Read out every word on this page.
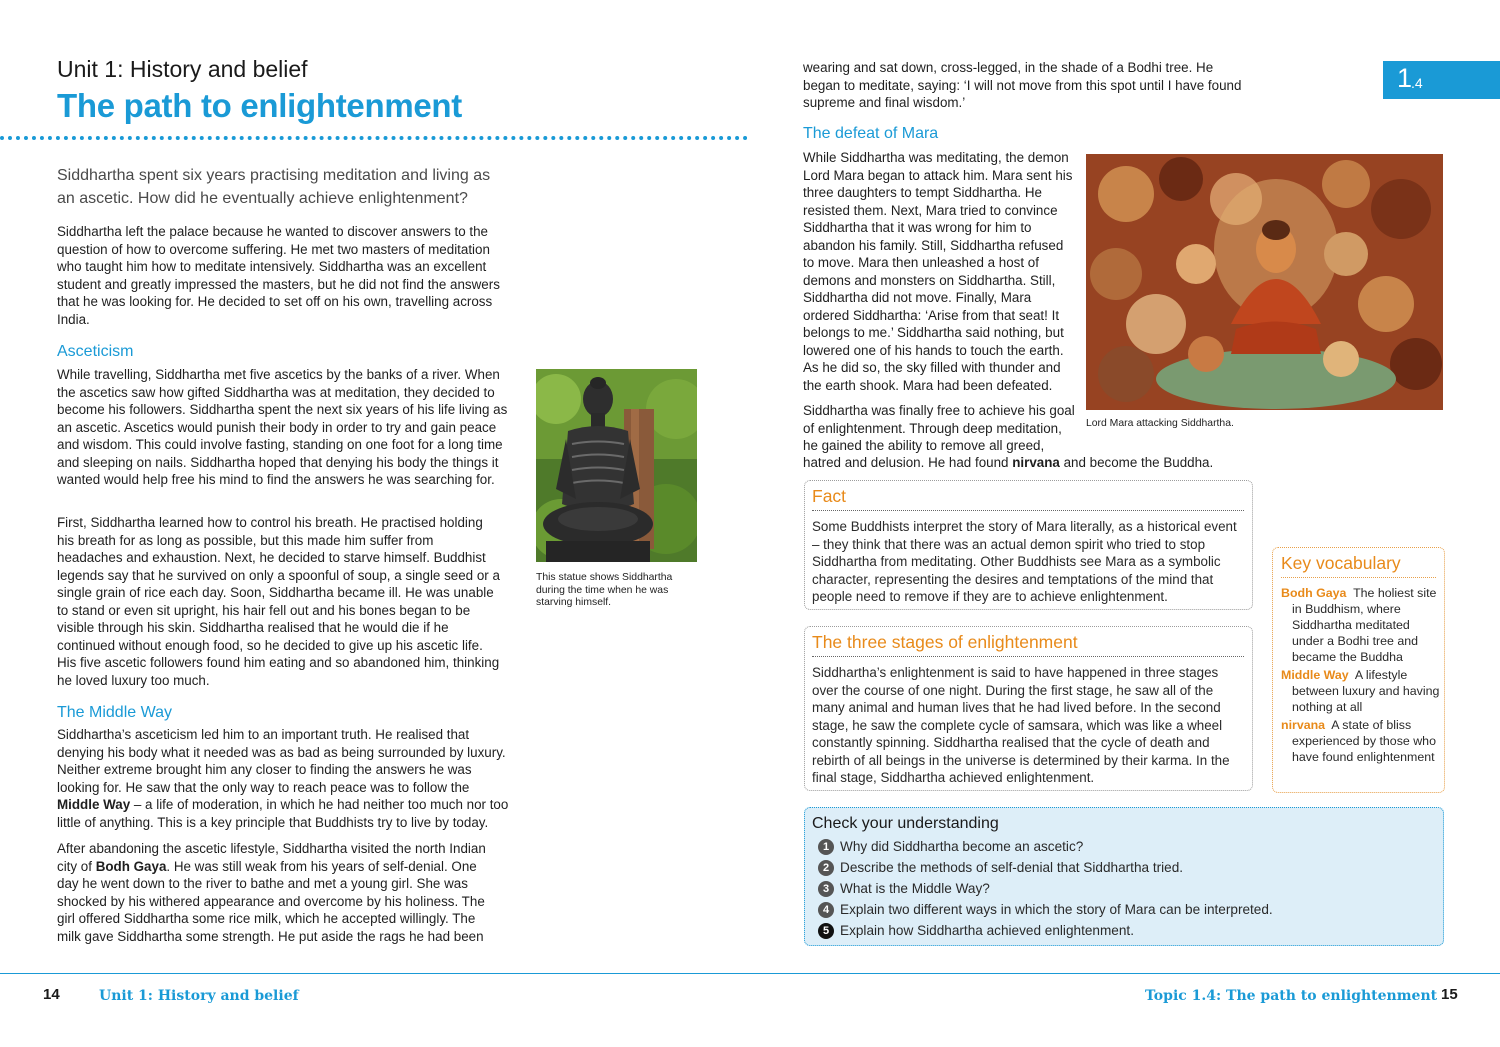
Unit 1: History and belief
The path to enlightenment

Siddhartha spent six years practising meditation and living as an ascetic. How did he eventually achieve enlightenment?

Siddhartha left the palace because he wanted to discover answers to the question of how to overcome suffering. He met two masters of meditation who taught him how to meditate intensively. Siddhartha was an excellent student and greatly impressed the masters, but he did not find the answers that he was looking for. He decided to set off on his own, travelling across India.

Asceticism

While travelling, Siddhartha met five ascetics by the banks of a river. When the ascetics saw how gifted Siddhartha was at meditation, they decided to become his followers. Siddhartha spent the next six years of his life living as an ascetic. Ascetics would punish their body in order to try and gain peace and wisdom. This could involve fasting, standing on one foot for a long time and sleeping on nails. Siddhartha hoped that denying his body the things it wanted would help free his mind to find the answers he was searching for.

First, Siddhartha learned how to control his breath. He practised holding his breath for as long as possible, but this made him suffer from headaches and exhaustion. Next, he decided to starve himself. Buddhist legends say that he survived on only a spoonful of soup, a single seed or a single grain of rice each day. Soon, Siddhartha became ill. He was unable to stand or even sit upright, his hair fell out and his bones began to be visible through his skin. Siddhartha realised that he would die if he continued without enough food, so he decided to give up his ascetic life. His five ascetic followers found him eating and so abandoned him, thinking he loved luxury too much.

The Middle Way

Siddhartha’s asceticism led him to an important truth. He realised that denying his body what it needed was as bad as being surrounded by luxury. Neither extreme brought him any closer to finding the answers he was looking for. He saw that the only way to reach peace was to follow the Middle Way – a life of moderation, in which he had neither too much nor too little of anything. This is a key principle that Buddhists try to live by today.

After abandoning the ascetic lifestyle, Siddhartha visited the north Indian city of Bodh Gaya. He was still weak from his years of self-denial. One day he went down to the river to bathe and met a young girl. She was shocked by his withered appearance and overcome by his holiness. The girl offered Siddhartha some rice milk, which he accepted willingly. The milk gave Siddhartha some strength. He put aside the rags he had been

This statue shows Siddhartha during the time when he was starving himself.

wearing and sat down, cross-legged, in the shade of a Bodhi tree. He began to meditate, saying: ‘I will not move from this spot until I have found supreme and final wisdom.’

1
.4
The defeat of Mara

While Siddhartha was meditating, the demon Lord Mara began to attack him. Mara sent his three daughters to tempt Siddhartha. He resisted them. Next, Mara tried to convince Siddhartha that it was wrong for him to abandon his family. Still, Siddhartha refused to move. Mara then unleashed a host of demons and monsters on Siddhartha. Still, Siddhartha did not move. Finally, Mara ordered Siddhartha: ‘Arise from that seat! It belongs to me.’ Siddhartha said nothing, but lowered one of his hands to touch the earth. As he did so, the sky filled with thunder and the earth shook. Mara had been defeated.

Siddhartha was finally free to achieve his goal of enlightenment. Through deep meditation, he gained the ability to remove all greed,

hatred and delusion. He had found nirvana and become the Buddha.

Lord Mara attacking Siddhartha.

Fact

Some Buddhists interpret the story of Mara literally, as a historical event – they think that there was an actual demon spirit who tried to stop Siddhartha from meditating. Other Buddhists see Mara as a symbolic character, representing the desires and temptations of the mind that people need to remove if they are to achieve enlightenment.

The three stages of enlightenment

Siddhartha’s enlightenment is said to have happened in three stages over the course of one night. During the first stage, he saw all of the many animal and human lives that he had lived before. In the second stage, he saw the complete cycle of samsara, which was like a wheel constantly spinning. Siddhartha realised that the cycle of death and rebirth of all beings in the universe is determined by their karma. In the final stage, Siddhartha achieved enlightenment.

Key vocabulary

Bodh Gaya The holiest site in Buddhism, where Siddhartha meditated under a Bodhi tree and became the Buddha

Middle Way A lifestyle between luxury and having nothing at all

nirvana A state of bliss experienced by those who have found enlightenment

Check your understanding
1 Why did Siddhartha become an ascetic?
2 Describe the methods of self-denial that Siddhartha tried.
3 What is the Middle Way?
4 Explain two different ways in which the story of Mara can be interpreted.
5 Explain how Siddhartha achieved enlightenment.
14	Unit 1: History and belief	Topic 1.4: The path to enlightenment 15
